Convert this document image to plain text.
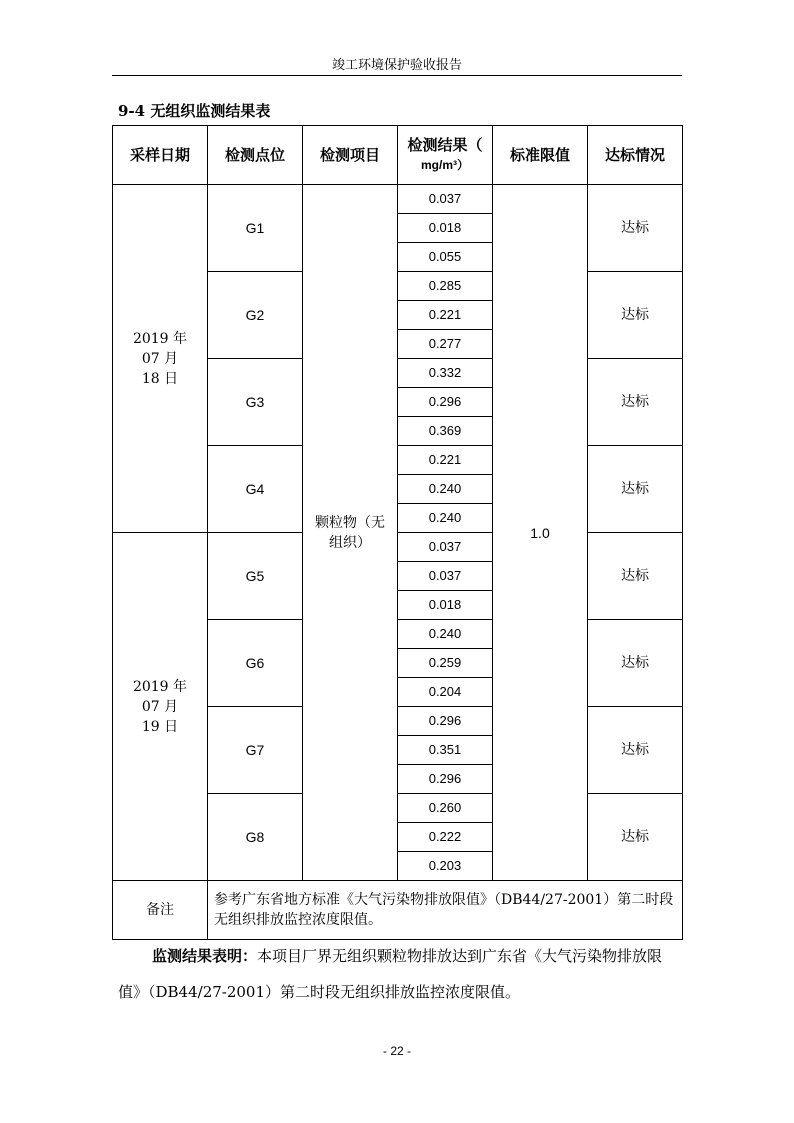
竣工环境保护验收报告
9-4 无组织监测结果表
采样日期	检测点位	检测项目	检测结果（
mg/m³）	标准限值	达标情况
2019 年 07 月 18 日	G1	颗粒物（无组织）	0.037	1.0	达标
			0.018		
			0.055		
	G2		0.285		达标
			0.221		
			0.277		
	G3		0.332		达标
			0.296		
			0.369		
	G4		0.221		达标
			0.240		
			0.240		
2019 年 07 月 19 日	G5		0.037		达标
			0.037		
			0.018		
	G6		0.240		达标
			0.259		
			0.204		
	G7		0.296		达标
			0.351		
			0.296		
	G8		0.260		达标
			0.222		
			0.203		
备注	参考广东省地方标准《大气污染物排放限值》（DB44/27-2001）第二时段无组织排放监控浓度限值。				
监测结果表明：本项目厂界无组织颗粒物排放达到广东省《大气污染物排放限值》（DB44/27-2001）第二时段无组织排放监控浓度限值。
- 22 -
